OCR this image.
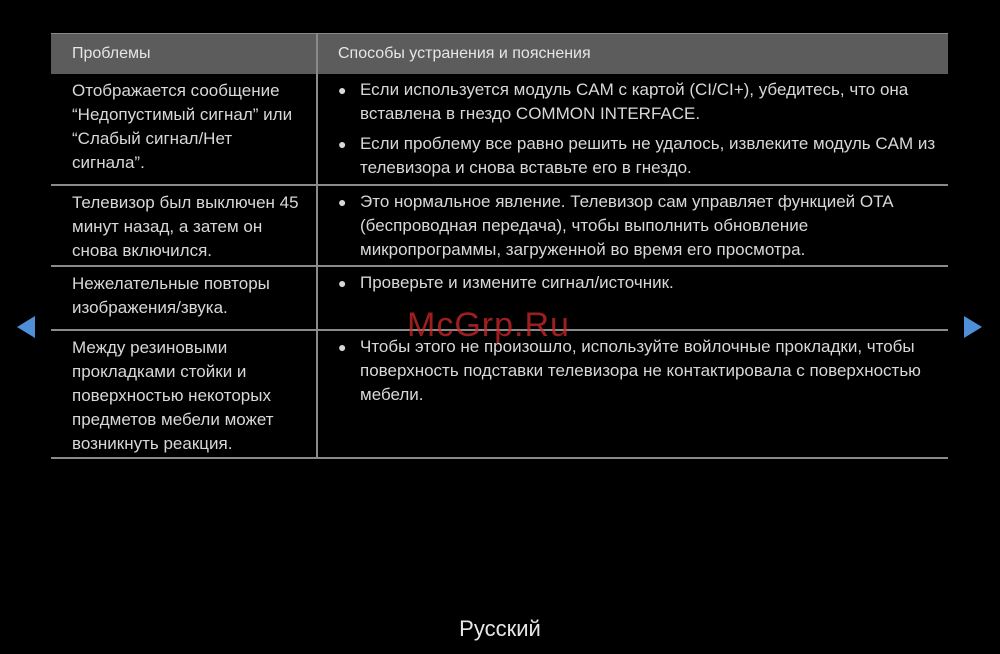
Проблемы	Способы устранения и пояснения
Отображается сообщение “Недопустимый сигнал” или “Слабый сигнал/Нет сигнала”.
● Если используется модуль CAM с картой (CI/CI+), убедитесь, что она вставлена в гнездо COMMON INTERFACE.
● Если проблему все равно решить не удалось, извлеките модуль CAM из телевизора и снова вставьте его в гнездо.
Телевизор был выключен 45 минут назад, а затем он снова включился.
● Это нормальное явление. Телевизор сам управляет функцией OTA (беспроводная передача), чтобы выполнить обновление микропрограммы, загруженной во время его просмотра.
Нежелательные повторы изображения/звука.
● Проверьте и измените сигнал/источник.
Между резиновыми прокладками стойки и поверхностью некоторых предметов мебели может возникнуть реакция.
● Чтобы этого не произошло, используйте войлочные прокладки, чтобы поверхность подставки телевизора не контактировала с поверхностью мебели.
McGrp.Ru
Русский
